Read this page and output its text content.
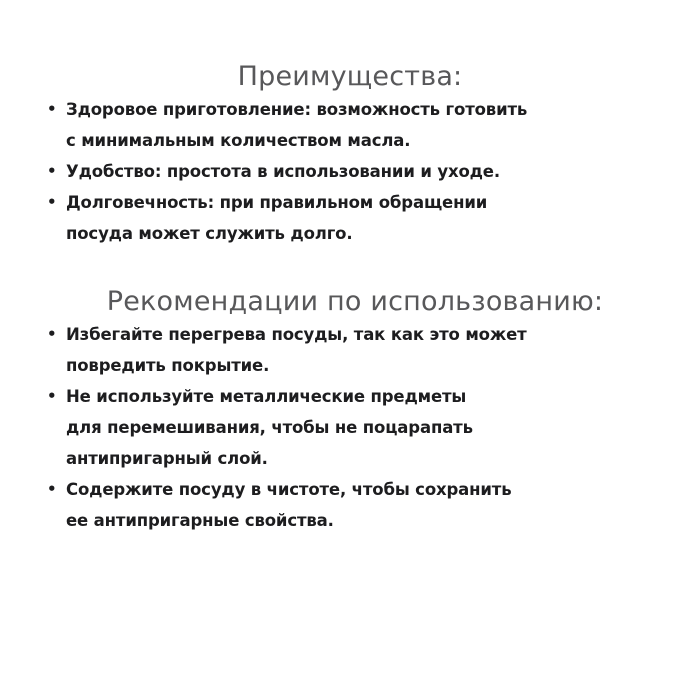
Преимущества:
• Здоровое приготовление: возможность готовить
с минимальным количеством масла.
• Удобство: простота в использовании и уходе.
• Долговечность: при правильном обращении
посуда может служить долго.
Рекомендации по использованию:
• Избегайте перегрева посуды, так как это может
повредить покрытие.
• Не используйте металлические предметы
для перемешивания, чтобы не поцарапать
антипригарный слой.
• Содержите посуду в чистоте, чтобы сохранить
ее антипригарные свойства.
